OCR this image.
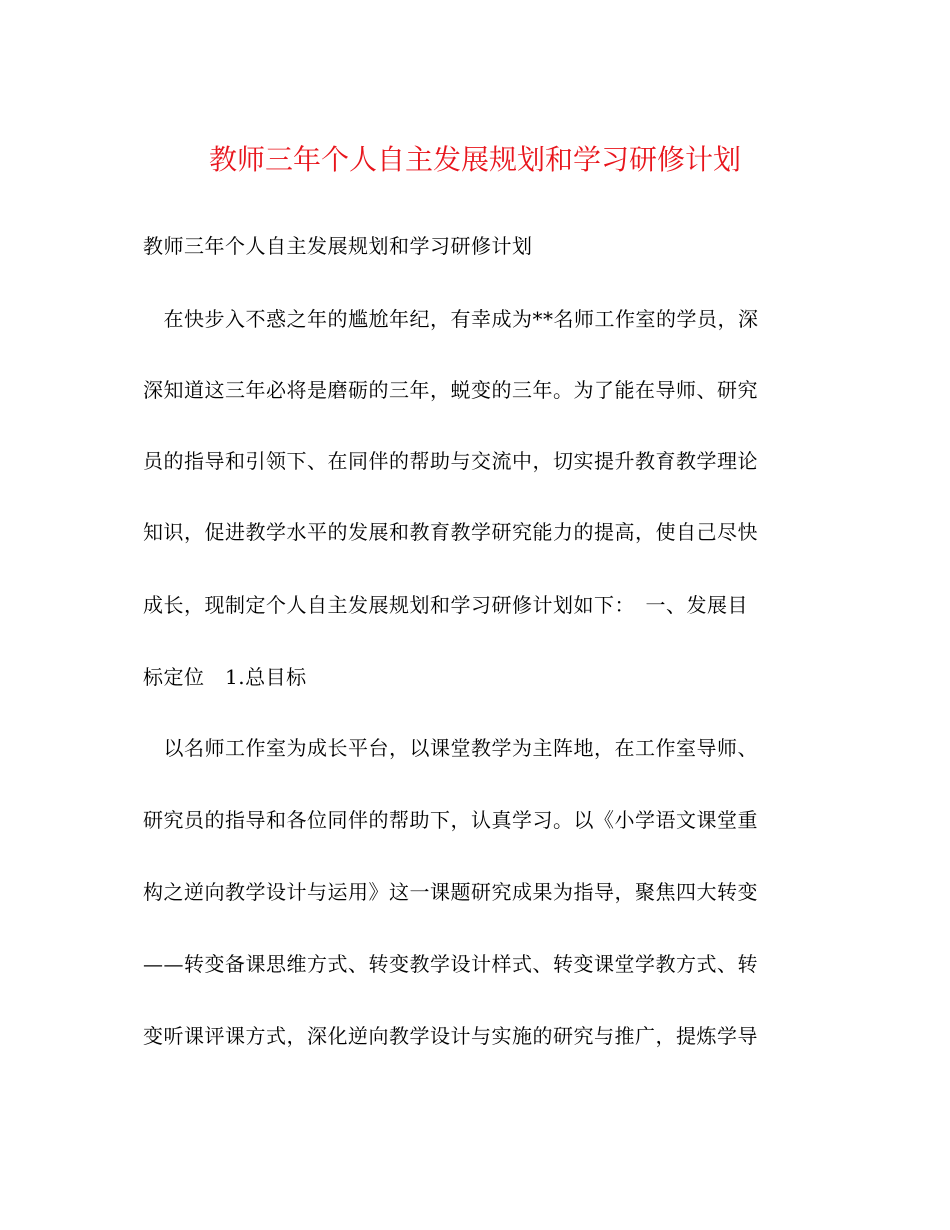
教师三年个人自主发展规划和学习研修计划
教师三年个人自主发展规划和学习研修计划
　在快步入不惑之年的尴尬年纪，有幸成为**名师工作室的学员，深
深知道这三年必将是磨砺的三年，蜕变的三年。为了能在导师、研究
员的指导和引领下、在同伴的帮助与交流中，切实提升教育教学理论
知识，促进教学水平的发展和教育教学研究能力的提高，使自己尽快
成长，现制定个人自主发展规划和学习研修计划如下：　一、发展目
标定位　1.总目标
　以名师工作室为成长平台，以课堂教学为主阵地，在工作室导师、
研究员的指导和各位同伴的帮助下，认真学习。以《小学语文课堂重
构之逆向教学设计与运用》这一课题研究成果为指导，聚焦四大转变
——转变备课思维方式、转变教学设计样式、转变课堂学教方式、转
变听课评课方式，深化逆向教学设计与实施的研究与推广，提炼学导
